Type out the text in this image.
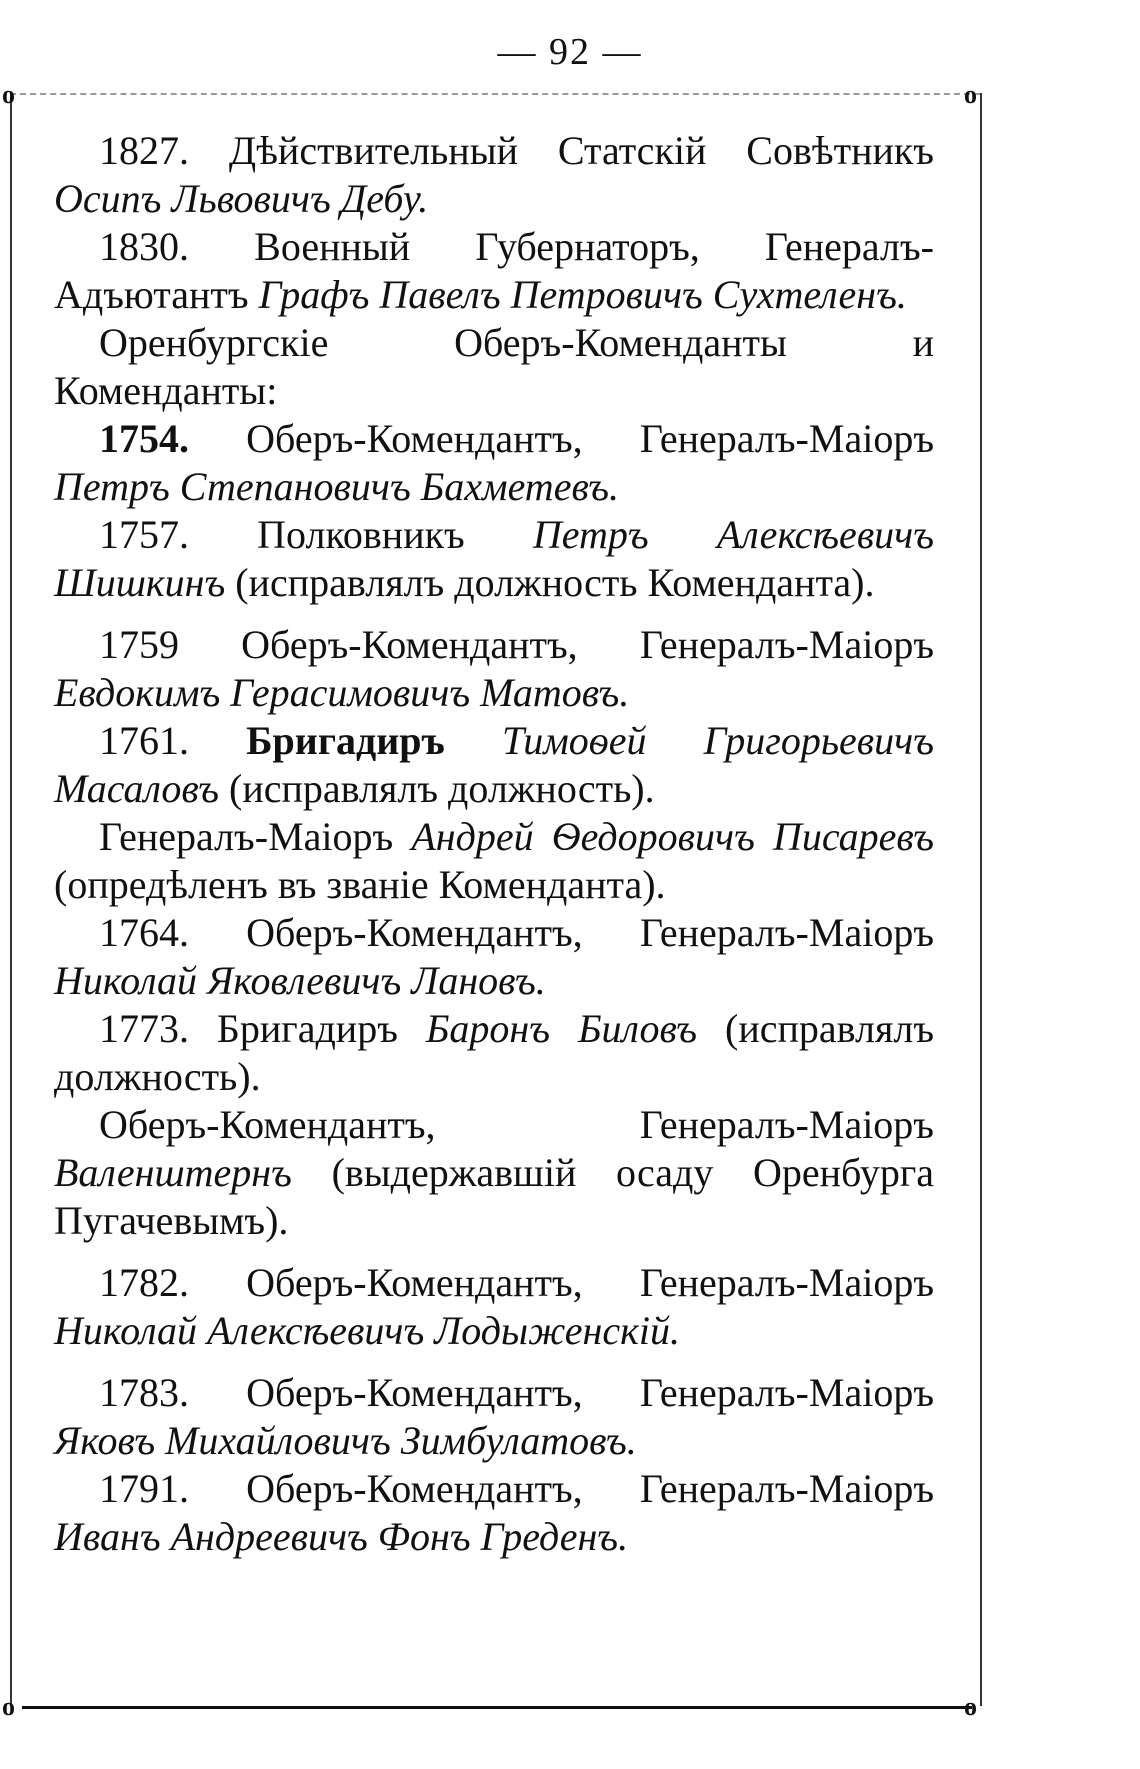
— 92 —
o	o
o	o

1827. Дѣйствительный Статскій Совѣтникъ Осипъ Львовичъ Дебу.

1830. Военный Губернаторъ, Генералъ-Адъютантъ Графъ Павелъ Петровичъ Сухтеленъ.

Оренбургскіе Оберъ-Коменданты и Коменданты:

1754. Оберъ-Комендантъ, Генералъ-Маіоръ Петръ Степановичъ Бахметевъ.

1757. Полковникъ Петръ Алексѣевичъ Шишкинъ (исправлялъ должность Коменданта).

1759 Оберъ-Комендантъ, Генералъ-Маіоръ Евдокимъ Герасимовичъ Матовъ.

1761. Бригадиръ Тимоѳей Григорьевичъ Масаловъ (исправлялъ должность).

Генералъ-Маіоръ Андрей Ѳедоровичъ Писаревъ (опредѣленъ въ званіе Коменданта).

1764. Оберъ-Комендантъ, Генералъ-Маіоръ Николай Яковлевичъ Лановъ.

1773. Бригадиръ Баронъ Биловъ (исправлялъ должность).

Оберъ-Комендантъ, Генералъ-Маіоръ Валенштернъ (выдержавшій осаду Оренбурга Пугачевымъ).

1782. Оберъ-Комендантъ, Генералъ-Маіоръ Николай Алексѣевичъ Лодыженскій.

1783. Оберъ-Комендантъ, Генералъ-Маіоръ Яковъ Михайловичъ Зимбулатовъ.

1791. Оберъ-Комендантъ, Генералъ-Маіоръ Иванъ Андреевичъ Фонъ Греденъ.
